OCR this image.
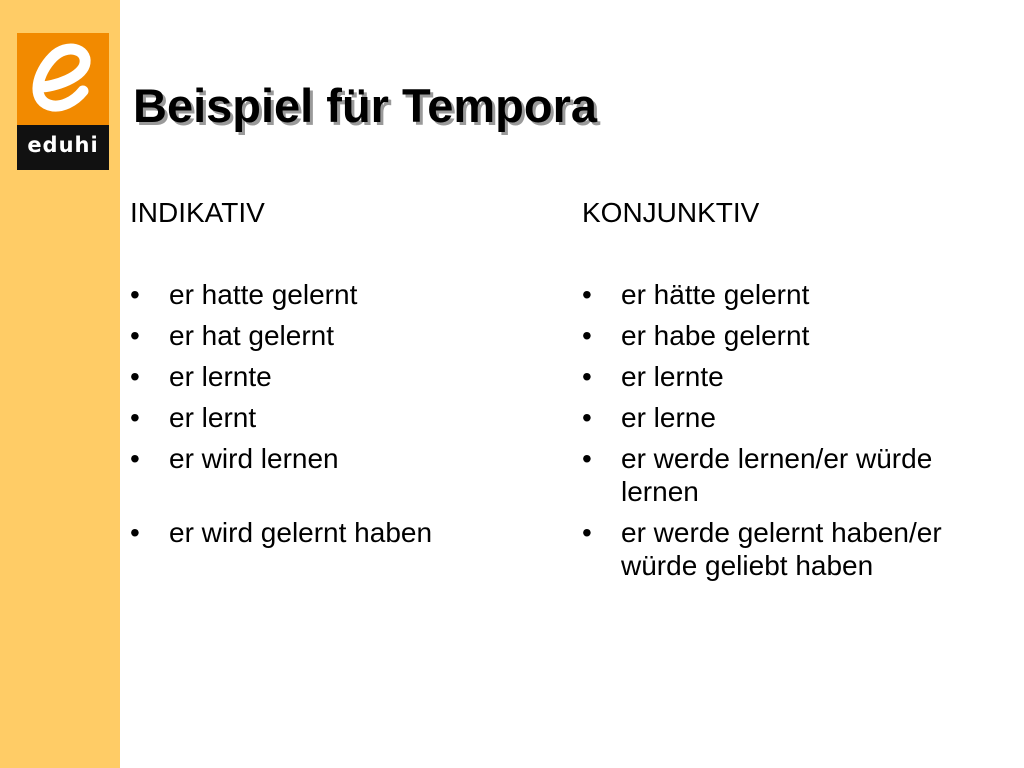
eduhi
Beispiel für Tempora
INDIKATIV
• er hatte gelernt
• er hat gelernt
• er lernte
• er lernt
• er wird lernen
• er wird gelernt haben
KONJUNKTIV
• er hätte gelernt
• er habe gelernt
• er lernte
• er lerne
• er werde lernen/er würde lernen
• er werde gelernt haben/er würde geliebt haben
